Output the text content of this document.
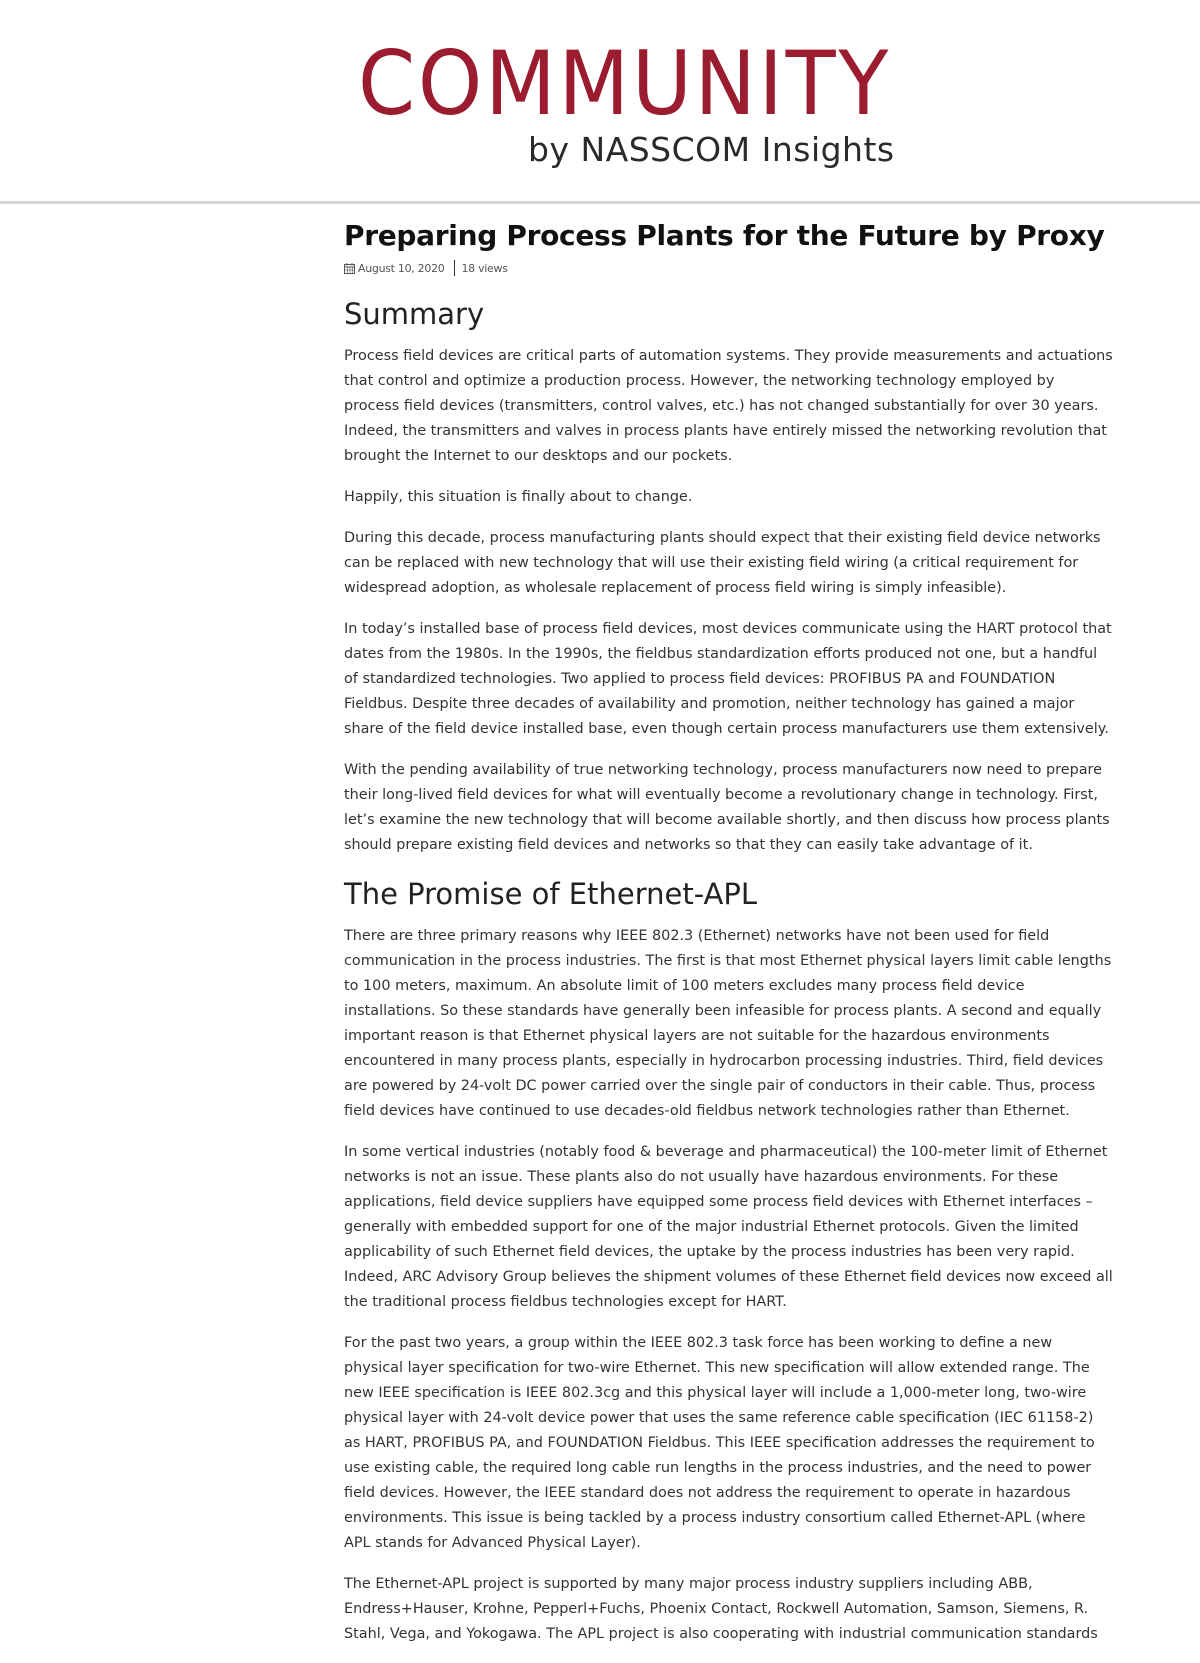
COMMUNITY
by NASSCOM Insights
Preparing Process Plants for the Future by Proxy
August 10, 2020 18 views
Summary

Process field devices are critical parts of automation systems. They provide measurements and actuations that control and optimize a production process. However, the networking technology employed by process field devices (transmitters, control valves, etc.) has not changed substantially for over 30 years. Indeed, the transmitters and valves in process plants have entirely missed the networking revolution that brought the Internet to our desktops and our pockets.

Happily, this situation is finally about to change.

During this decade, process manufacturing plants should expect that their existing field device networks can be replaced with new technology that will use their existing field wiring (a critical requirement for widespread adoption, as wholesale replacement of process field wiring is simply infeasible).

In today’s installed base of process field devices, most devices communicate using the HART protocol that dates from the 1980s. In the 1990s, the fieldbus standardization efforts produced not one, but a handful of standardized technologies. Two applied to process field devices: PROFIBUS PA and FOUNDATION Fieldbus. Despite three decades of availability and promotion, neither technology has gained a major share of the field device installed base, even though certain process manufacturers use them extensively.

With the pending availability of true networking technology, process manufacturers now need to prepare their long-lived field devices for what will eventually become a revolutionary change in technology. First, let’s examine the new technology that will become available shortly, and then discuss how process plants should prepare existing field devices and networks so that they can easily take advantage of it.

The Promise of Ethernet-APL

There are three primary reasons why IEEE 802.3 (Ethernet) networks have not been used for field communication in the process industries. The first is that most Ethernet physical layers limit cable lengths to 100 meters, maximum. An absolute limit of 100 meters excludes many process field device installations. So these standards have generally been infeasible for process plants. A second and equally important reason is that Ethernet physical layers are not suitable for the hazardous environments encountered in many process plants, especially in hydrocarbon processing industries. Third, field devices are powered by 24-volt DC power carried over the single pair of conductors in their cable. Thus, process field devices have continued to use decades-old fieldbus network technologies rather than Ethernet.

In some vertical industries (notably food & beverage and pharmaceutical) the 100-meter limit of Ethernet networks is not an issue. These plants also do not usually have hazardous environments. For these applications, field device suppliers have equipped some process field devices with Ethernet interfaces – generally with embedded support for one of the major industrial Ethernet protocols. Given the limited applicability of such Ethernet field devices, the uptake by the process industries has been very rapid. Indeed, ARC Advisory Group believes the shipment volumes of these Ethernet field devices now exceed all the traditional process fieldbus technologies except for HART.

For the past two years, a group within the IEEE 802.3 task force has been working to define a new physical layer specification for two-wire Ethernet. This new specification will allow extended range. The new IEEE specification is IEEE 802.3cg and this physical layer will include a 1,000-meter long, two-wire physical layer with 24-volt device power that uses the same reference cable specification (IEC 61158-2) as HART, PROFIBUS PA, and FOUNDATION Fieldbus. This IEEE specification addresses the requirement to use existing cable, the required long cable run lengths in the process industries, and the need to power field devices. However, the IEEE standard does not address the requirement to operate in hazardous environments. This issue is being tackled by a process industry consortium called Ethernet-APL (where APL stands for Advanced Physical Layer).

The Ethernet-APL project is supported by many major process industry suppliers including ABB, Endress+Hauser, Krohne, Pepperl+Fuchs, Phoenix Contact, Rockwell Automation, Samson, Siemens, R. Stahl, Vega, and Yokogawa. The APL project is also cooperating with industrial communication standards
